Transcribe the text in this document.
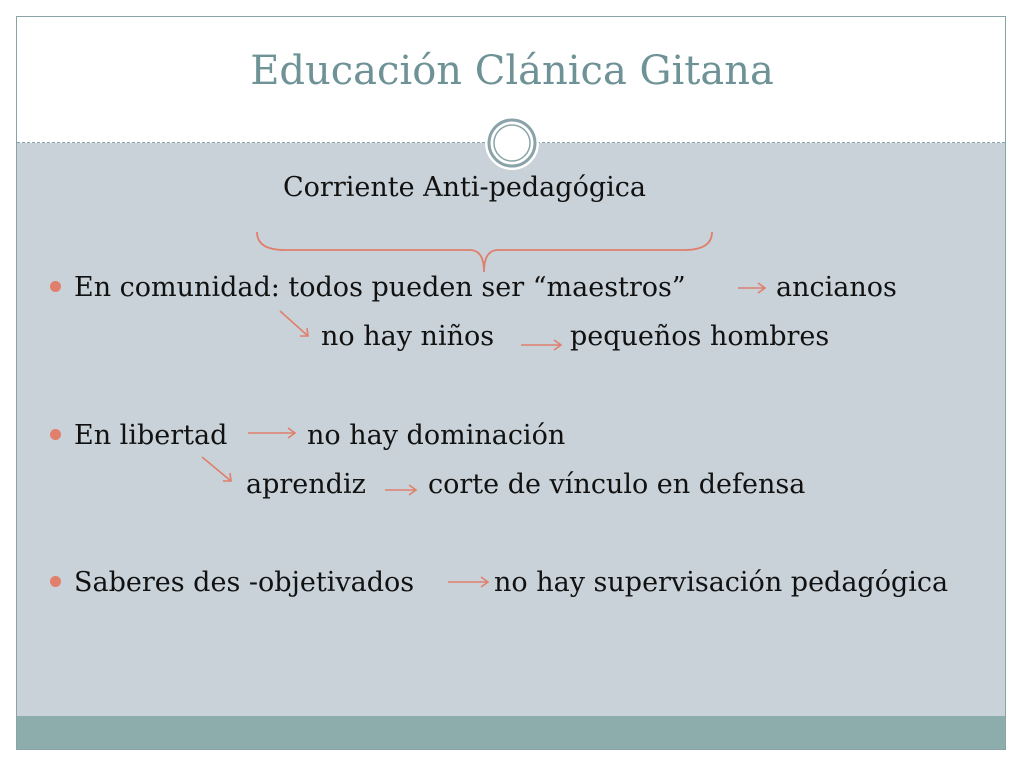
Educación Clánica Gitana
Corriente Anti-pedagógica
En comunidad: todos pueden ser “maestros”	ancianos
no hay niños	pequeños hombres
En libertad	no hay dominación
aprendiz corte de vínculo en defensa
Saberes des -objetivados	no hay supervisación pedagógica
